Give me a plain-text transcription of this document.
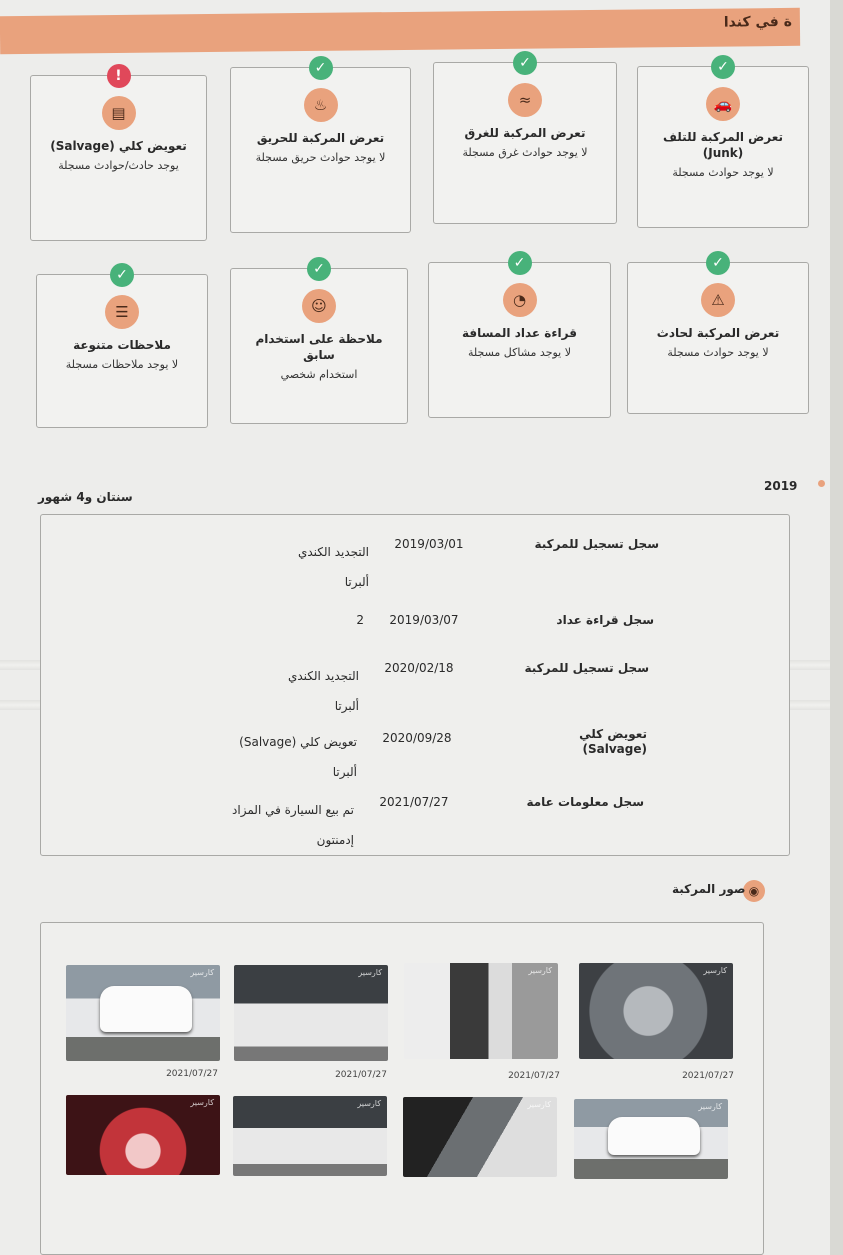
ة في كندا
✓
🚗
تعرض المركبة للتلف (Junk)
لا يوجد حوادث مسجلة
✓
≈
تعرض المركبة للغرق
لا يوجد حوادث غرق مسجلة
✓
♨
تعرض المركبة للحريق
لا يوجد حوادث حريق مسجلة
!
▤
تعويض كلي (Salvage)
يوجد حادث/حوادث مسجلة
✓
⚠
تعرض المركبة لحادث
لا يوجد حوادث مسجلة
✓
◔
قراءة عداد المسافة
لا يوجد مشاكل مسجلة
✓
☺
ملاحظة على استخدام سابق
استخدام شخصي
✓
☰
ملاحظات متنوعة
لا يوجد ملاحظات مسجلة
2019
سنتان و4 شهور
سجل تسجيل للمركبة
2019/03/01
التجديد الكندي
ألبرتا
سجل قراءة عداد
2019/03/07
2
سجل تسجيل للمركبة
2020/02/18
التجديد الكندي
ألبرتا
تعويض كلي (Salvage)
2020/09/28
تعويض كلي (Salvage)
ألبرتا
سجل معلومات عامة
2021/07/27
تم بيع السيارة في المزاد
إدمنتون
◉
صور المركبة
كارسير
كارسير
كارسير
كارسير
2021/07/27
2021/07/27
2021/07/27
2021/07/27
كارسير
كارسير
كارسير
كارسير
